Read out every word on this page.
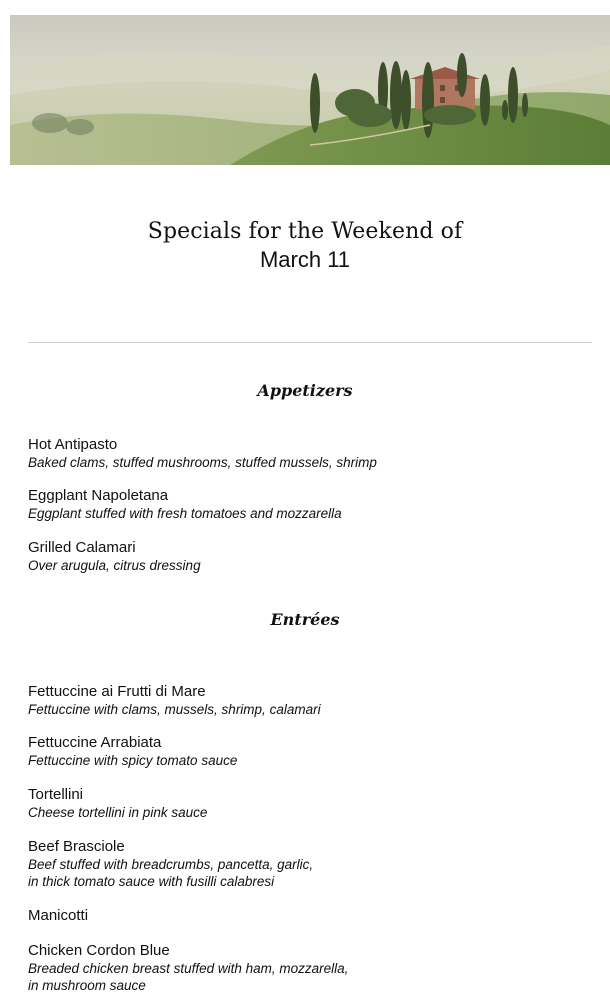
Specials for the Weekend of
March 11
Appetizers
Hot Antipasto
Baked clams, stuffed mushrooms, stuffed mussels, shrimp
Eggplant Napoletana
Eggplant stuffed with fresh tomatoes and mozzarella
Grilled Calamari
Over arugula, citrus dressing
Entrées
Fettuccine ai Frutti di Mare
Fettuccine with clams, mussels, shrimp, calamari
Fettuccine Arrabiata
Fettuccine with spicy tomato sauce
Tortellini
Cheese tortellini in pink sauce
Beef Brasciole
Beef stuffed with breadcrumbs, pancetta, garlic,
in thick tomato sauce with fusilli calabresi
Manicotti
Chicken Cordon Blue
Breaded chicken breast stuffed with ham, mozzarella,
in mushroom sauce
